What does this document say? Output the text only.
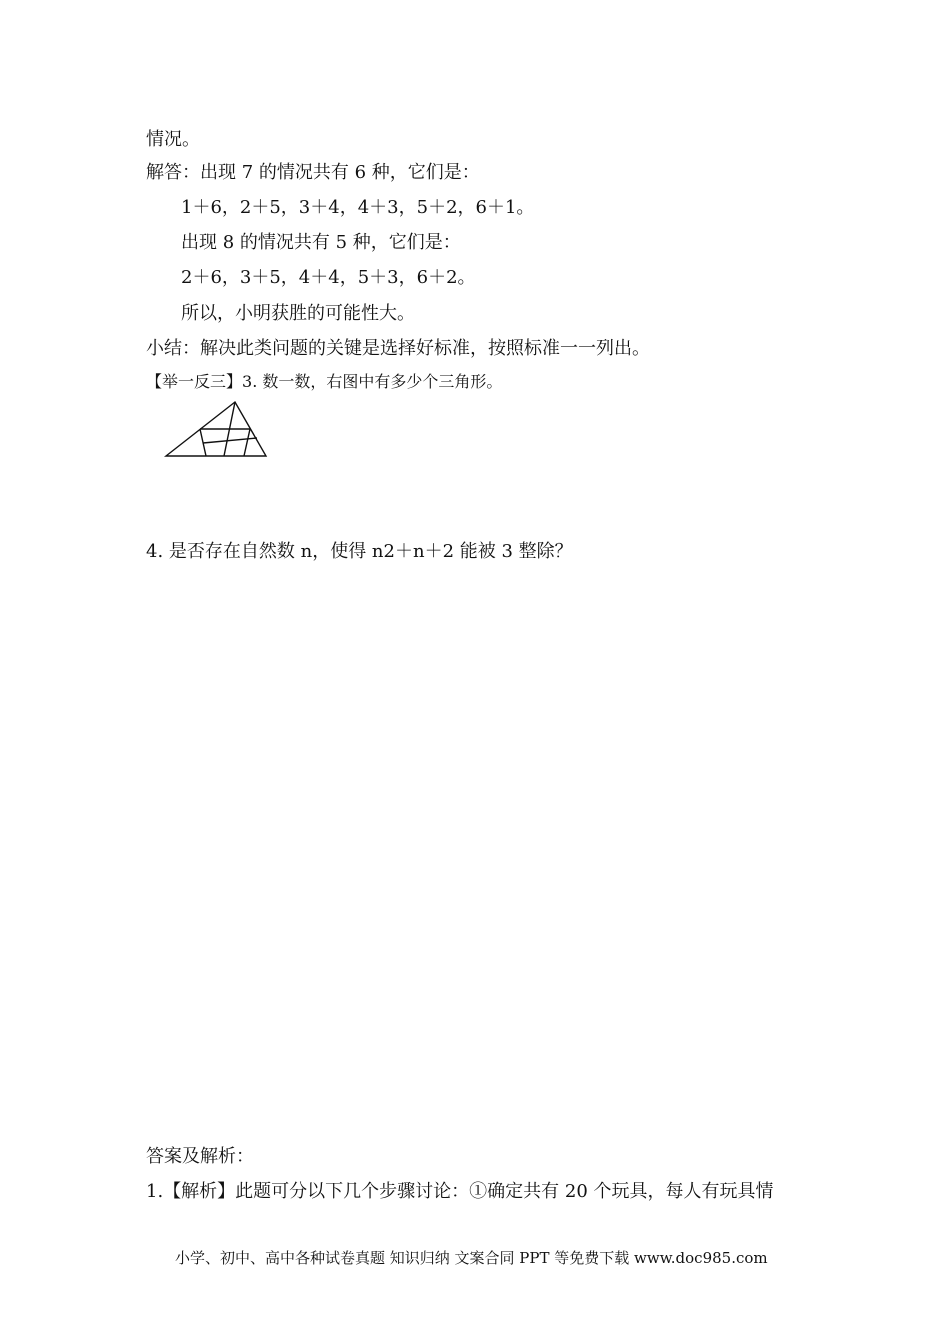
情况。
解答：出现 7 的情况共有 6 种，它们是：
1＋6，2＋5，3＋4，4＋3，5＋2，6＋1。
出现 8 的情况共有 5 种，它们是：
2＋6，3＋5，4＋4，5＋3，6＋2。
所以，小明获胜的可能性大。
小结：解决此类问题的关键是选择好标准，按照标准一一列出。
【举一反三】3. 数一数，右图中有多少个三角形。
4. 是否存在自然数 n，使得 n2＋n＋2 能被 3 整除？
答案及解析：
1.【解析】此题可分以下几个步骤讨论：①确定共有 20 个玩具，每人有玩具情
小学、初中、高中各种试卷真题 知识归纳 文案合同 PPT 等免费下载 www.doc985.com
